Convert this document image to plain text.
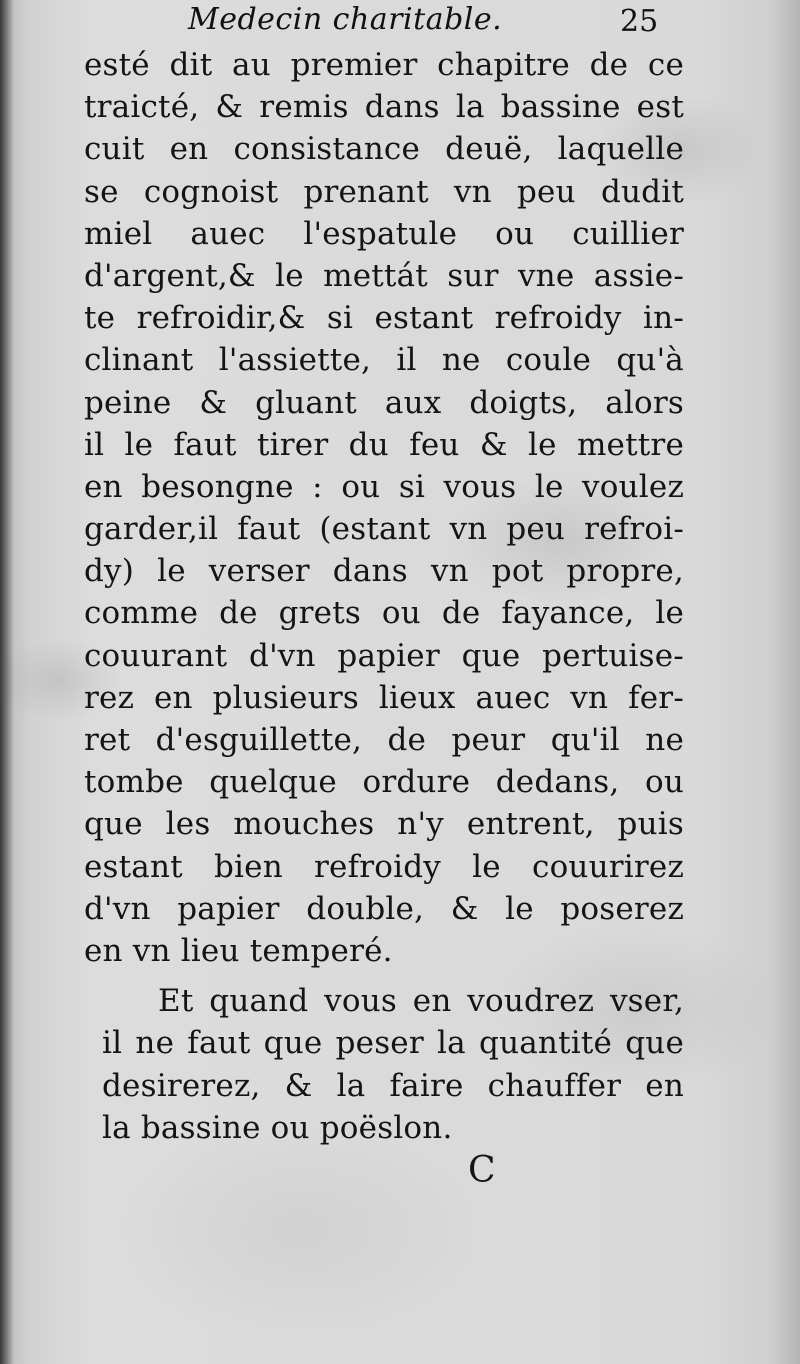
Medecin charitable.	25
esté dit au premier chapitre de ce
traicté, & remis dans la bassine est
cuit en consistance deuë, laquelle
se cognoist prenant vn peu dudit
miel auec l'espatule ou cuillier
d'argent,& le mettát sur vne assie-
te refroidir,& si estant refroidy in-
clinant l'assiette, il ne coule qu'à
peine & gluant aux doigts, alors
il le faut tirer du feu & le mettre
en besongne : ou si vous le voulez
garder,il faut (estant vn peu refroi-
dy) le verser dans vn pot propre,
comme de grets ou de fayance, le
couurant d'vn papier que pertuise-
rez en plusieurs lieux auec vn fer-
ret d'esguillette, de peur qu'il ne
tombe quelque ordure dedans, ou
que les mouches n'y entrent, puis
estant bien refroidy le couurirez
d'vn papier double, & le poserez
en vn lieu temperé.
Et quand vous en voudrez vser,
il ne faut que peser la quantité que
desirerez, & la faire chauffer en
la bassine ou poëslon.
C
